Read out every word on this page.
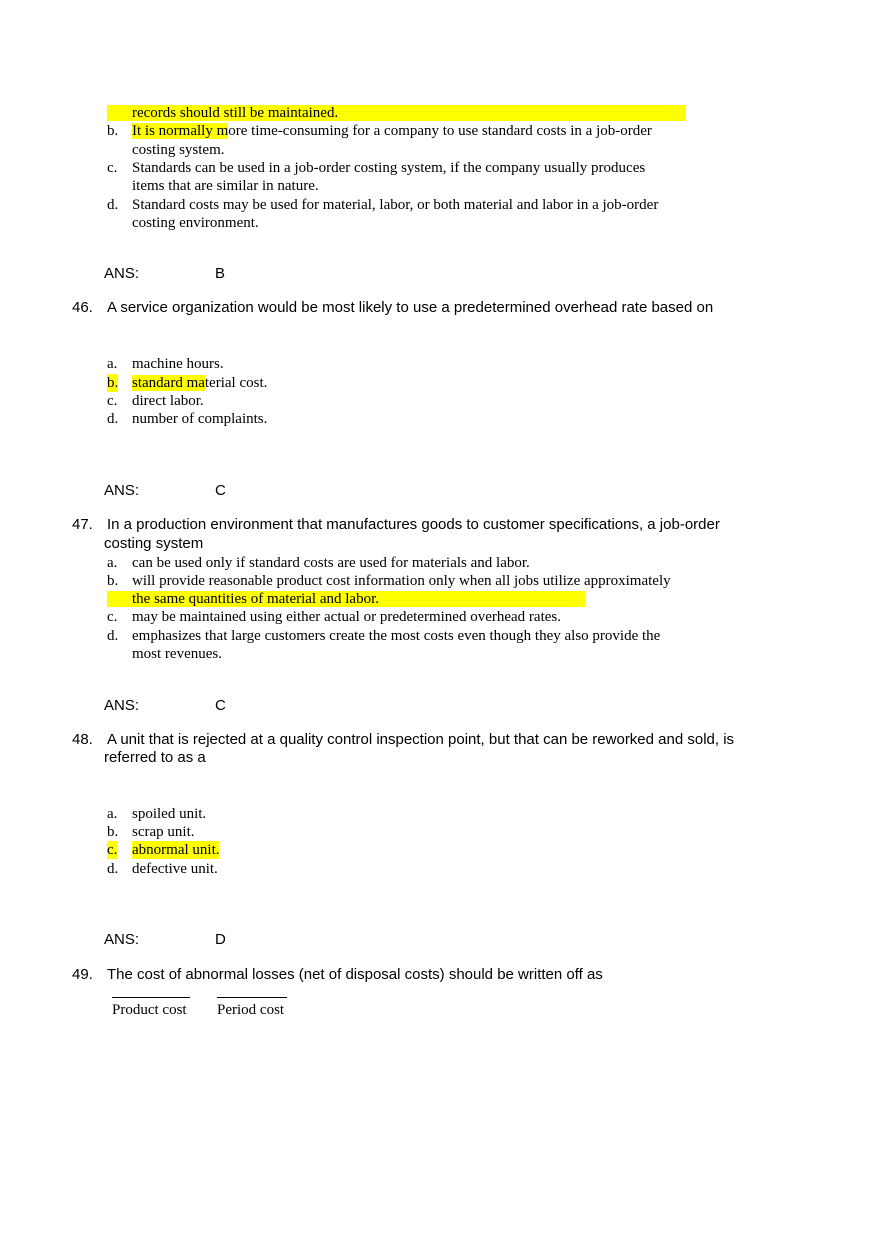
records should still be maintained.
b. It is normally more time-consuming for a company to use standard costs in a job-order
costing system.
c. Standards can be used in a job-order costing system, if the company usually produces
items that are similar in nature.
d. Standard costs may be used for material, labor, or both material and labor in a job-order
costing environment.
ANS:	B
46. A service organization would be most likely to use a predetermined overhead rate based on
a. machine hours.
b. standard material cost.
c. direct labor.
d. number of complaints.
ANS:	C
47. In a production environment that manufactures goods to customer specifications, a job-order
costing system
a. can be used only if standard costs are used for materials and labor.
b. will provide reasonable product cost information only when all jobs utilize approximately
the same quantities of material and labor.
c. may be maintained using either actual or predetermined overhead rates.
d. emphasizes that large customers create the most costs even though they also provide the
most revenues.
ANS:	C
48. A unit that is rejected at a quality control inspection point, but that can be reworked and sold, is
referred to as a
a. spoiled unit.
b. scrap unit.
c. abnormal unit.
d. defective unit.
ANS:	D
49. The cost of abnormal losses (net of disposal costs) should be written off as
Product cost Period cost
